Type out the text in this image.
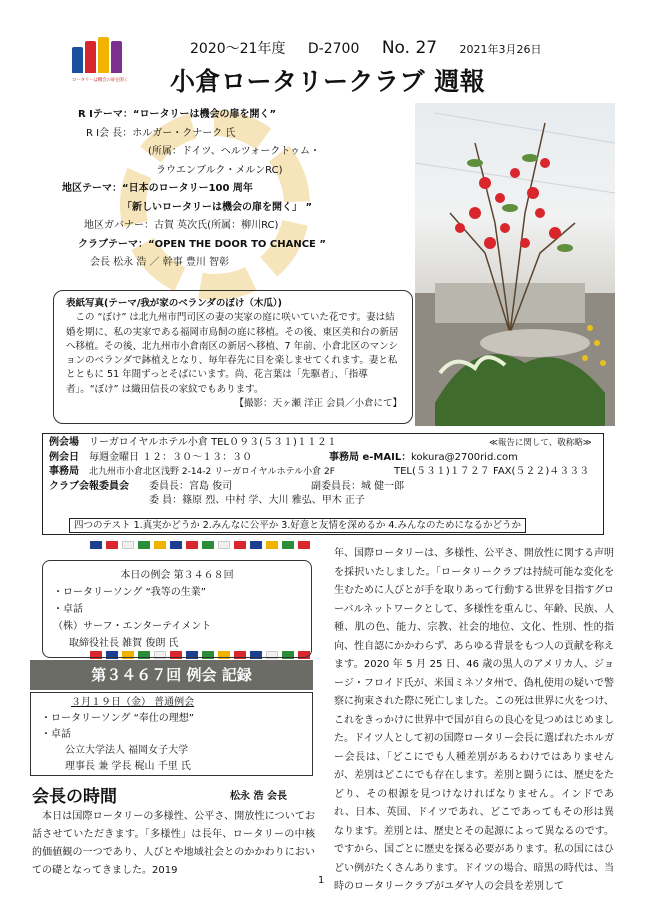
ロータリーは機会の扉を開く
2020～21年度 D-2700 No. 27 2021年3月26日
小倉ロータリークラブ 週報
R Iテーマ：“ロータリーは機会の扉を開く”
R I会 長：ホルガー・クナーク 氏
(所属：ドイツ、ヘルツォークトゥム・
ラウエンブルク・メルンRC)
地区テーマ：“日本のロータリー100 周年
「新しいロータリーは機会の扉を開く」 ”
地区ガバナー：古賀 英次氏(所属：柳川RC)
クラブテーマ：“OPEN THE DOOR TO CHANCE ”
会長 松永 浩 ／ 幹事 豊川 智彰
表紙写真(テーマ/我が家のベランダのぼけ（木瓜）)
この “ぼけ” は北九州市門司区の妻の実家の庭に咲いていた花です。妻は結婚を期に、私の実家である福岡市鳥飼の庭に移植。その後、東区美和台の新居へ移植。その後、北九州市小倉南区の新居へ移植、7 年前、小倉北区のマンションのベランダで鉢植えとなり、毎年春先に目を楽しませてくれます。妻と私とともに 51 年間ずっとそばにいます。尚、花言葉は「先駆者」、「指導者」。“ぼけ” は織田信長の家紋でもあります。
【撮影：天ヶ瀬 洋正 会員／小倉にて】
例会場 リーガロイヤルホテル小倉 TEL０９３(５３１)１１２１	≪報告に関して、敬称略≫
例会日 毎週金曜日 １２：３０～１３：３０	事務局 e-MAIL： kokura@2700rid.com
事務局 北九州市小倉北区浅野 2-14-2 リーガロイヤルホテル小倉 2F	TEL(５３１)１７２７ FAX(５２２)４３３３
クラブ会報委員会 委員長：宮島 俊司	副委員長：城 健一郎
委 員：篠原 烈、中村 学、大川 雅弘、甲木 正子
四つのテスト 1.真実かどうか 2.みんなに公平か 3.好意と友情を深めるか 4.みんなのためになるかどうか
本日の例会 第３４６８回
・ロータリーソング “我等の生業”
・卓話
（株）サーフ・エンターテイメント
取締役社長 雑賀 俊朗 氏
第３４６７回 例会 記録
３月１９日（金） 普通例会
・ロータリーソング “奉仕の理想”
・卓話
公立大学法人 福岡女子大学
理事長 兼 学長 梶山 千里 氏
会長の時間	松永 浩 会長
本日は国際ロータリーの多様性、公平さ、開放性についてお話させていただきます。「多様性」は長年、ロータリーの中核的価値観の一つであり、人びとや地域社会とのかかわりにおいての礎となってきました。2019
年、国際ロータリーは、多様性、公平さ、開放性に関する声明を採択いたしました。「ロータリークラブは持続可能な変化を生むために人びとが手を取りあって行動する世界を目指すグローバルネットワークとして、多様性を重んじ、年齢、民族、人種、肌の色、能力、宗教、社会的地位、文化、性別、性的指向、性自認にかかわらず、あらゆる背景をもつ人の貢献を称えます。2020 年 5 月 25 日、46 歳の黒人のアメリカ人、ジョージ・フロイド氏が、米国ミネソタ州で、偽札使用の疑いで警察に拘束された際に死亡しました。この死は世界に火をつけ、これをきっかけに世界中で国が自らの良心を見つめはじめました。ドイツ人として初の国際ロータリー会長に選ばれたホルガー会長は、「どこにでも人種差別があるわけではありませんが、差別はどこにでも存在します。差別と闘うには、歴史をたどり、その根源を見つけなければなりません。インドであれ、日本、英国、ドイツであれ、どこであってもその形は異なります。差別とは、歴史とその起源によって異なるのです。ですから、国ごとに歴史を探る必要があります。私の国にはひどい例がたくさんあります。ドイツの場合、暗黒の時代は、当時のロータリークラブがユダヤ人の会員を差別して
1
